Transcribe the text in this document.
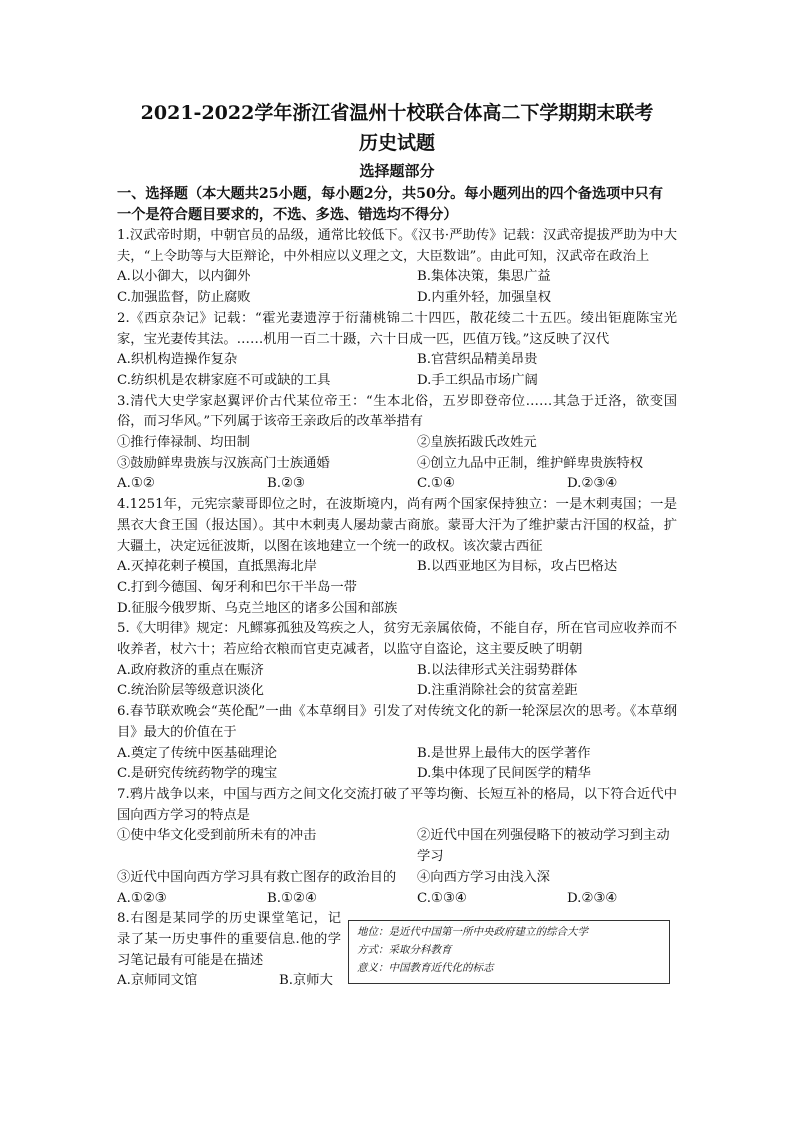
2021-2022学年浙江省温州十校联合体高二下学期期末联考
历史试题
选择题部分
一、选择题（本大题共25小题，每小题2分，共50分。每小题列出的四个备选项中只有一个是符合题目要求的，不选、多选、错选均不得分）
1.汉武帝时期，中朝官员的品级，通常比较低下。《汉书·严助传》记载：汉武帝提拔严助为中大夫，“上令助等与大臣辩论，中外相应以义理之文，大臣数诎”。由此可知，汉武帝在政治上
A.以小御大，以内御外	B.集体决策，集思广益
C.加强监督，防止腐败	D.内重外轻，加强皇权
2.《西京杂记》记载：“霍光妻遗淳于衍蒲桃锦二十四匹，散花绫二十五匹。绫出钜鹿陈宝光家，宝光妻传其法。……机用一百二十蹑，六十日成一匹，匹值万钱。”这反映了汉代
A.织机构造操作复杂	B.官营织品精美昂贵
C.纺织机是农耕家庭不可或缺的工具	D.手工织品市场广阔
3.清代大史学家赵翼评价古代某位帝王：“生本北俗，五岁即登帝位……其急于迁洛，欲变国俗，而习华风。”下列属于该帝王亲政后的改革举措有
①推行俸禄制、均田制	②皇族拓跋氏改姓元
③鼓励鲜卑贵族与汉族高门士族通婚	④创立九品中正制，维护鲜卑贵族特权
A.①②	B.②③	C.①④	D.②③④
4.1251年，元宪宗蒙哥即位之时，在波斯境内，尚有两个国家保持独立：一是木剌夷国；一是黑衣大食王国（报达国）。其中木剌夷人屡劫蒙古商旅。蒙哥大汗为了维护蒙古汗国的权益，扩大疆土，决定远征波斯，以图在该地建立一个统一的政权。该次蒙古西征
A.灭掉花剌子模国，直抵黑海北岸	B.以西亚地区为目标，攻占巴格达
C.打到今德国、匈牙利和巴尔干半岛一带
D.征服今俄罗斯、乌克兰地区的诸多公国和部族
5.《大明律》规定：凡鳏寡孤独及笃疾之人，贫穷无亲属依倚，不能自存，所在官司应收养而不收养者，杖六十；若应给衣粮而官吏克减者，以监守自盗论，这主要反映了明朝
A.政府救济的重点在赈济	B.以法律形式关注弱势群体
C.统治阶层等级意识淡化	D.注重消除社会的贫富差距
6.春节联欢晚会“英伦配”一曲《本草纲目》引发了对传统文化的新一轮深层次的思考。《本草纲目》最大的价值在于
A.奠定了传统中医基础理论	B.是世界上最伟大的医学著作
C.是研究传统药物学的瑰宝	D.集中体现了民间医学的精华
7.鸦片战争以来，中国与西方之间文化交流打破了平等均衡、长短互补的格局，以下符合近代中国向西方学习的特点是
①使中华文化受到前所未有的冲击	②近代中国在列强侵略下的被动学习到主动学习
③近代中国向西方学习具有救亡图存的政治目的	④向西方学习由浅入深
A.①②③	B.①②④	C.①③④	D.②③④
8.右图是某同学的历史课堂笔记，记录了某一历史事件的重要信息.他的学习笔记最有可能是在描述
A.京师同文馆	B.京师大
地位：是近代中国第一所中央政府建立的综合大学
方式：采取分科教育
意义：中国教育近代化的标志
